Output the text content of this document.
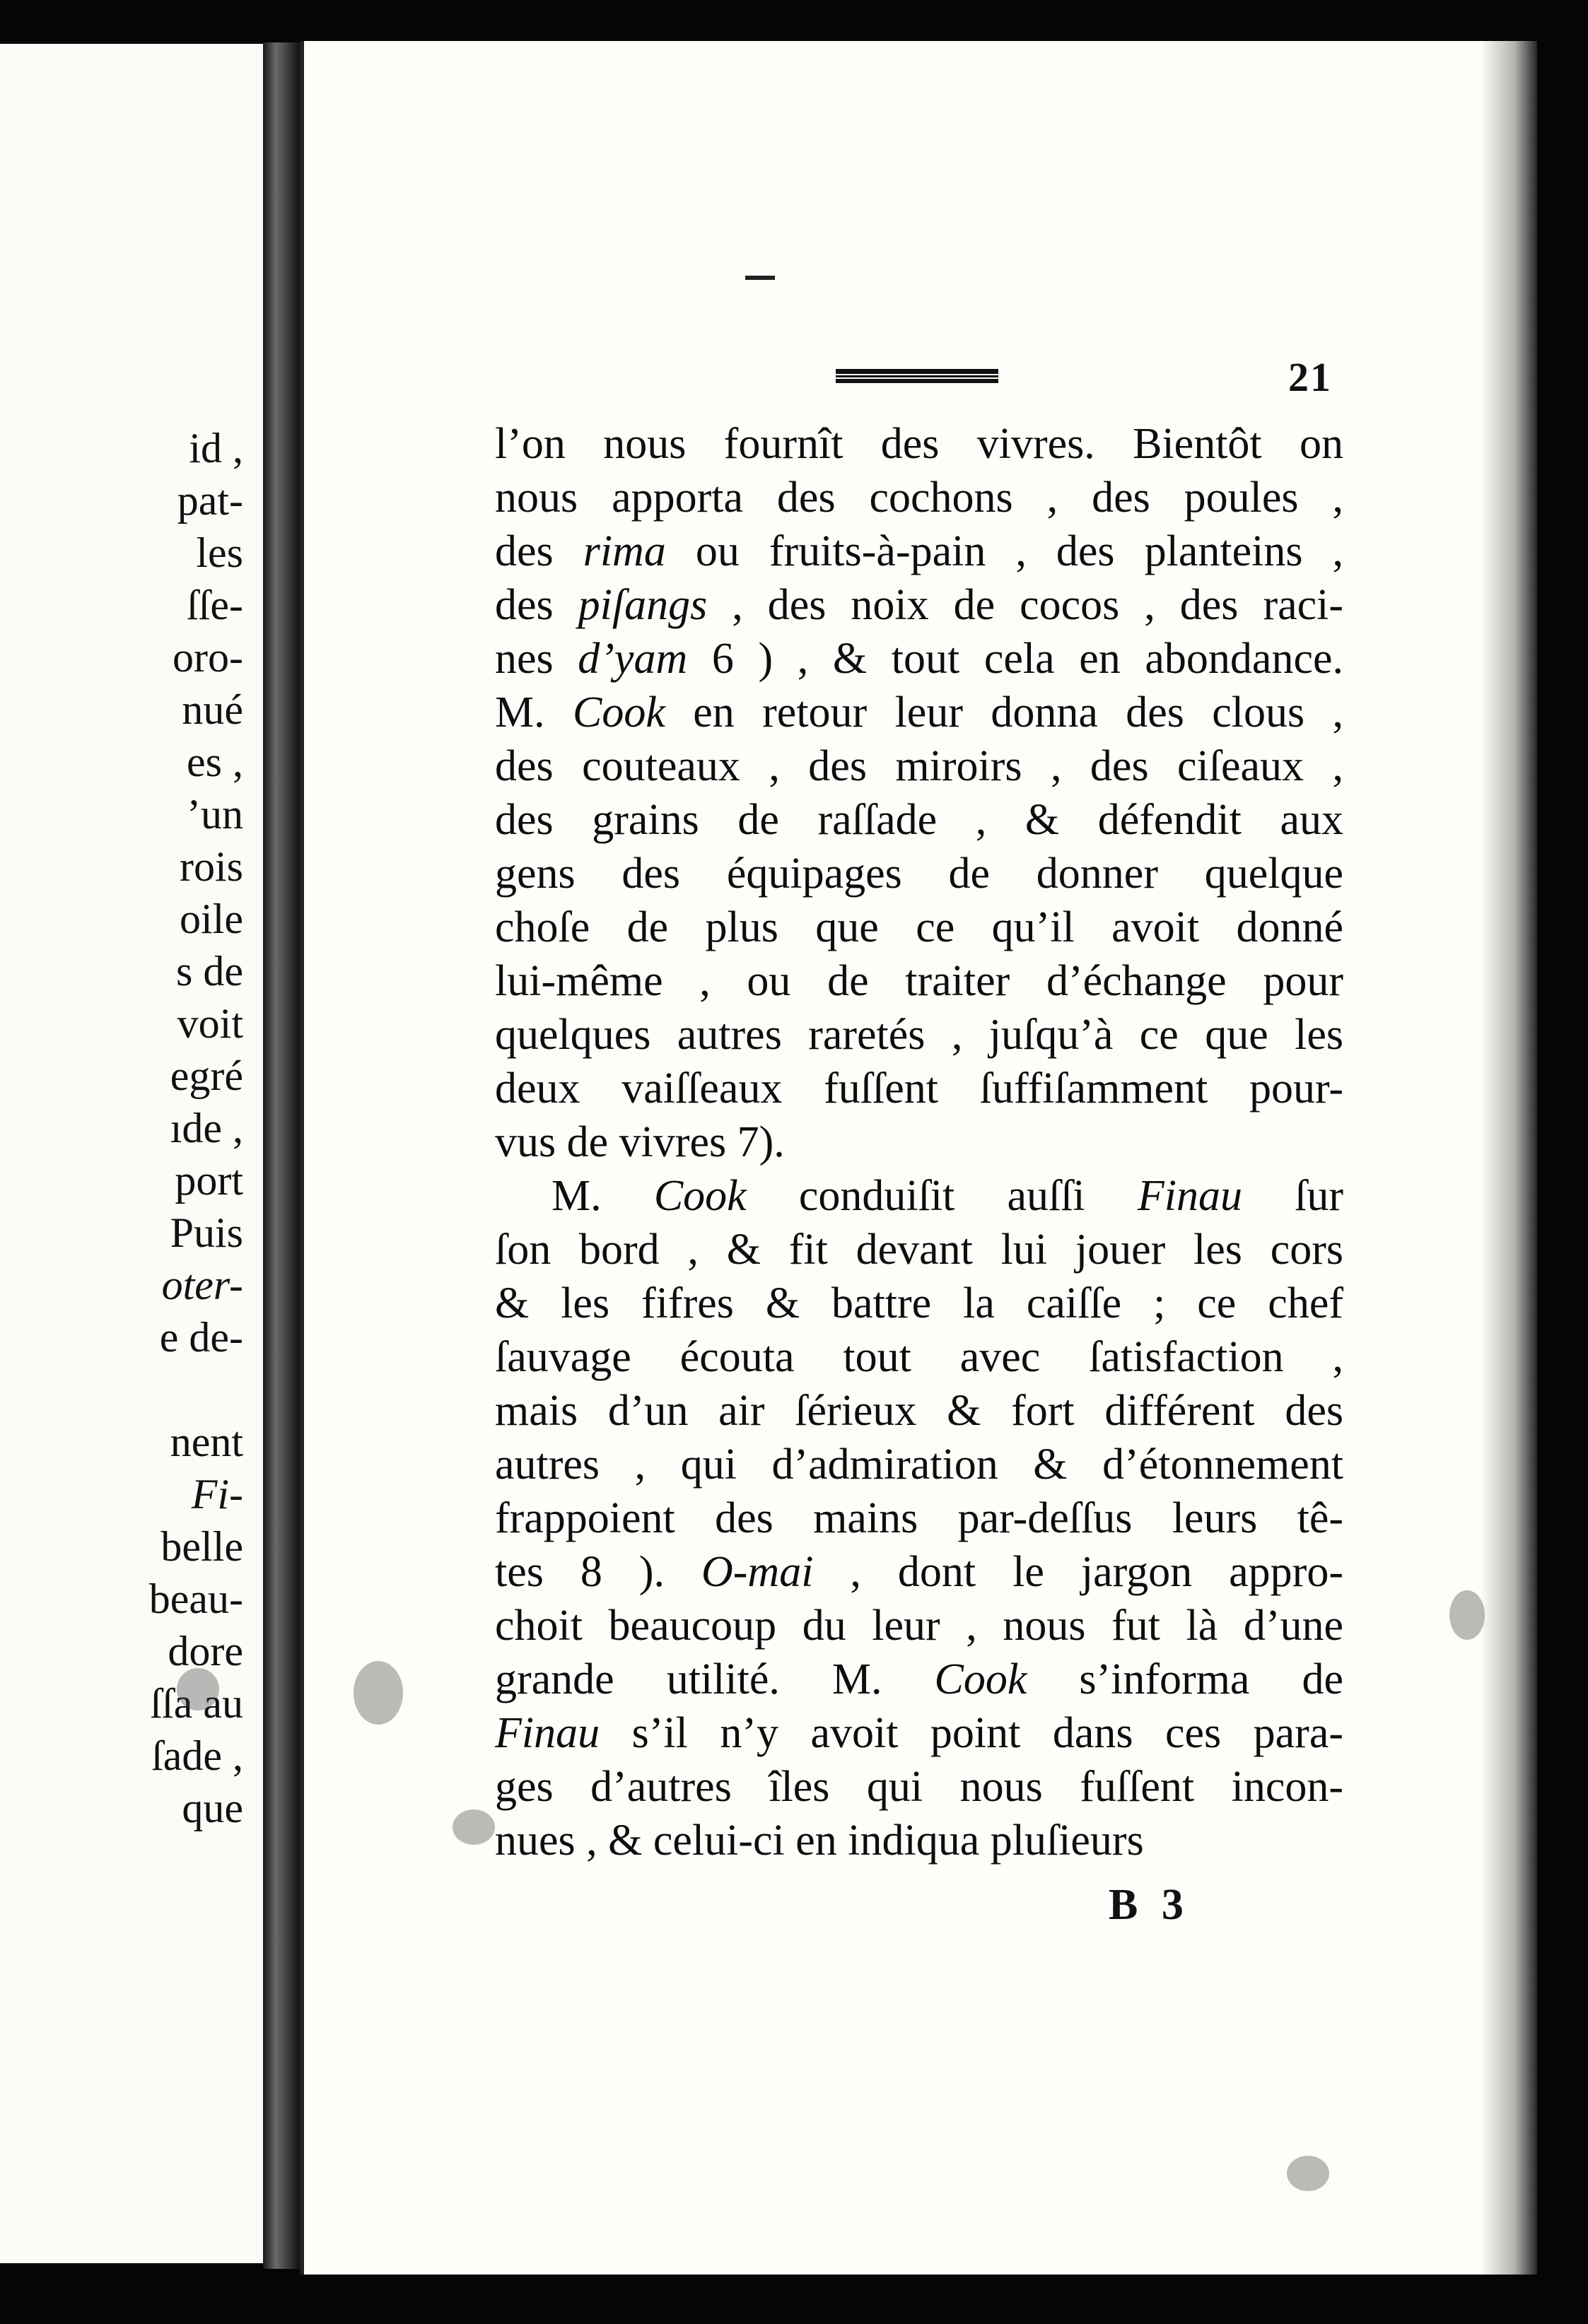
id ,
pat-
les
ſſe-
oro-
nué
es ,
’un
rois
oile
s de
voit
egré
ıde ,
port
Puis
oter-
e de-
nent
Fi-
belle
beau-
dore
ſſa au
ſade ,
que
21
l’on nous fournît des vivres. Bientôt on
nous apporta des cochons , des poules ,
des rima ou fruits-à-pain , des planteins ,
des piſangs , des noix de cocos , des raci-
nes d’yam 6 ) , & tout cela en abondance.
M. Cook en retour leur donna des clous ,
des couteaux , des miroirs , des ciſeaux ,
des grains de raſſade , & défendit aux
gens des équipages de donner quelque
choſe de plus que ce qu’il avoit donné
lui-même , ou de traiter d’échange pour
quelques autres raretés , juſqu’à ce que les
deux vaiſſeaux fuſſent ſuffiſamment pour-
vus de vivres 7).
M. Cook conduiſit auſſi Finau ſur
ſon bord , & fit devant lui jouer les cors
& les fifres & battre la caiſſe ; ce chef
ſauvage écouta tout avec ſatisfaction ,
mais d’un air ſérieux & fort différent des
autres , qui d’admiration & d’étonnement
frappoient des mains par-deſſus leurs tê-
tes 8 ). O-mai , dont le jargon appro-
choit beaucoup du leur , nous fut là d’une
grande utilité. M. Cook s’informa de
Finau s’il n’y avoit point dans ces para-
ges d’autres îles qui nous fuſſent incon-
nues , & celui-ci en indiqua pluſieurs
B 3
